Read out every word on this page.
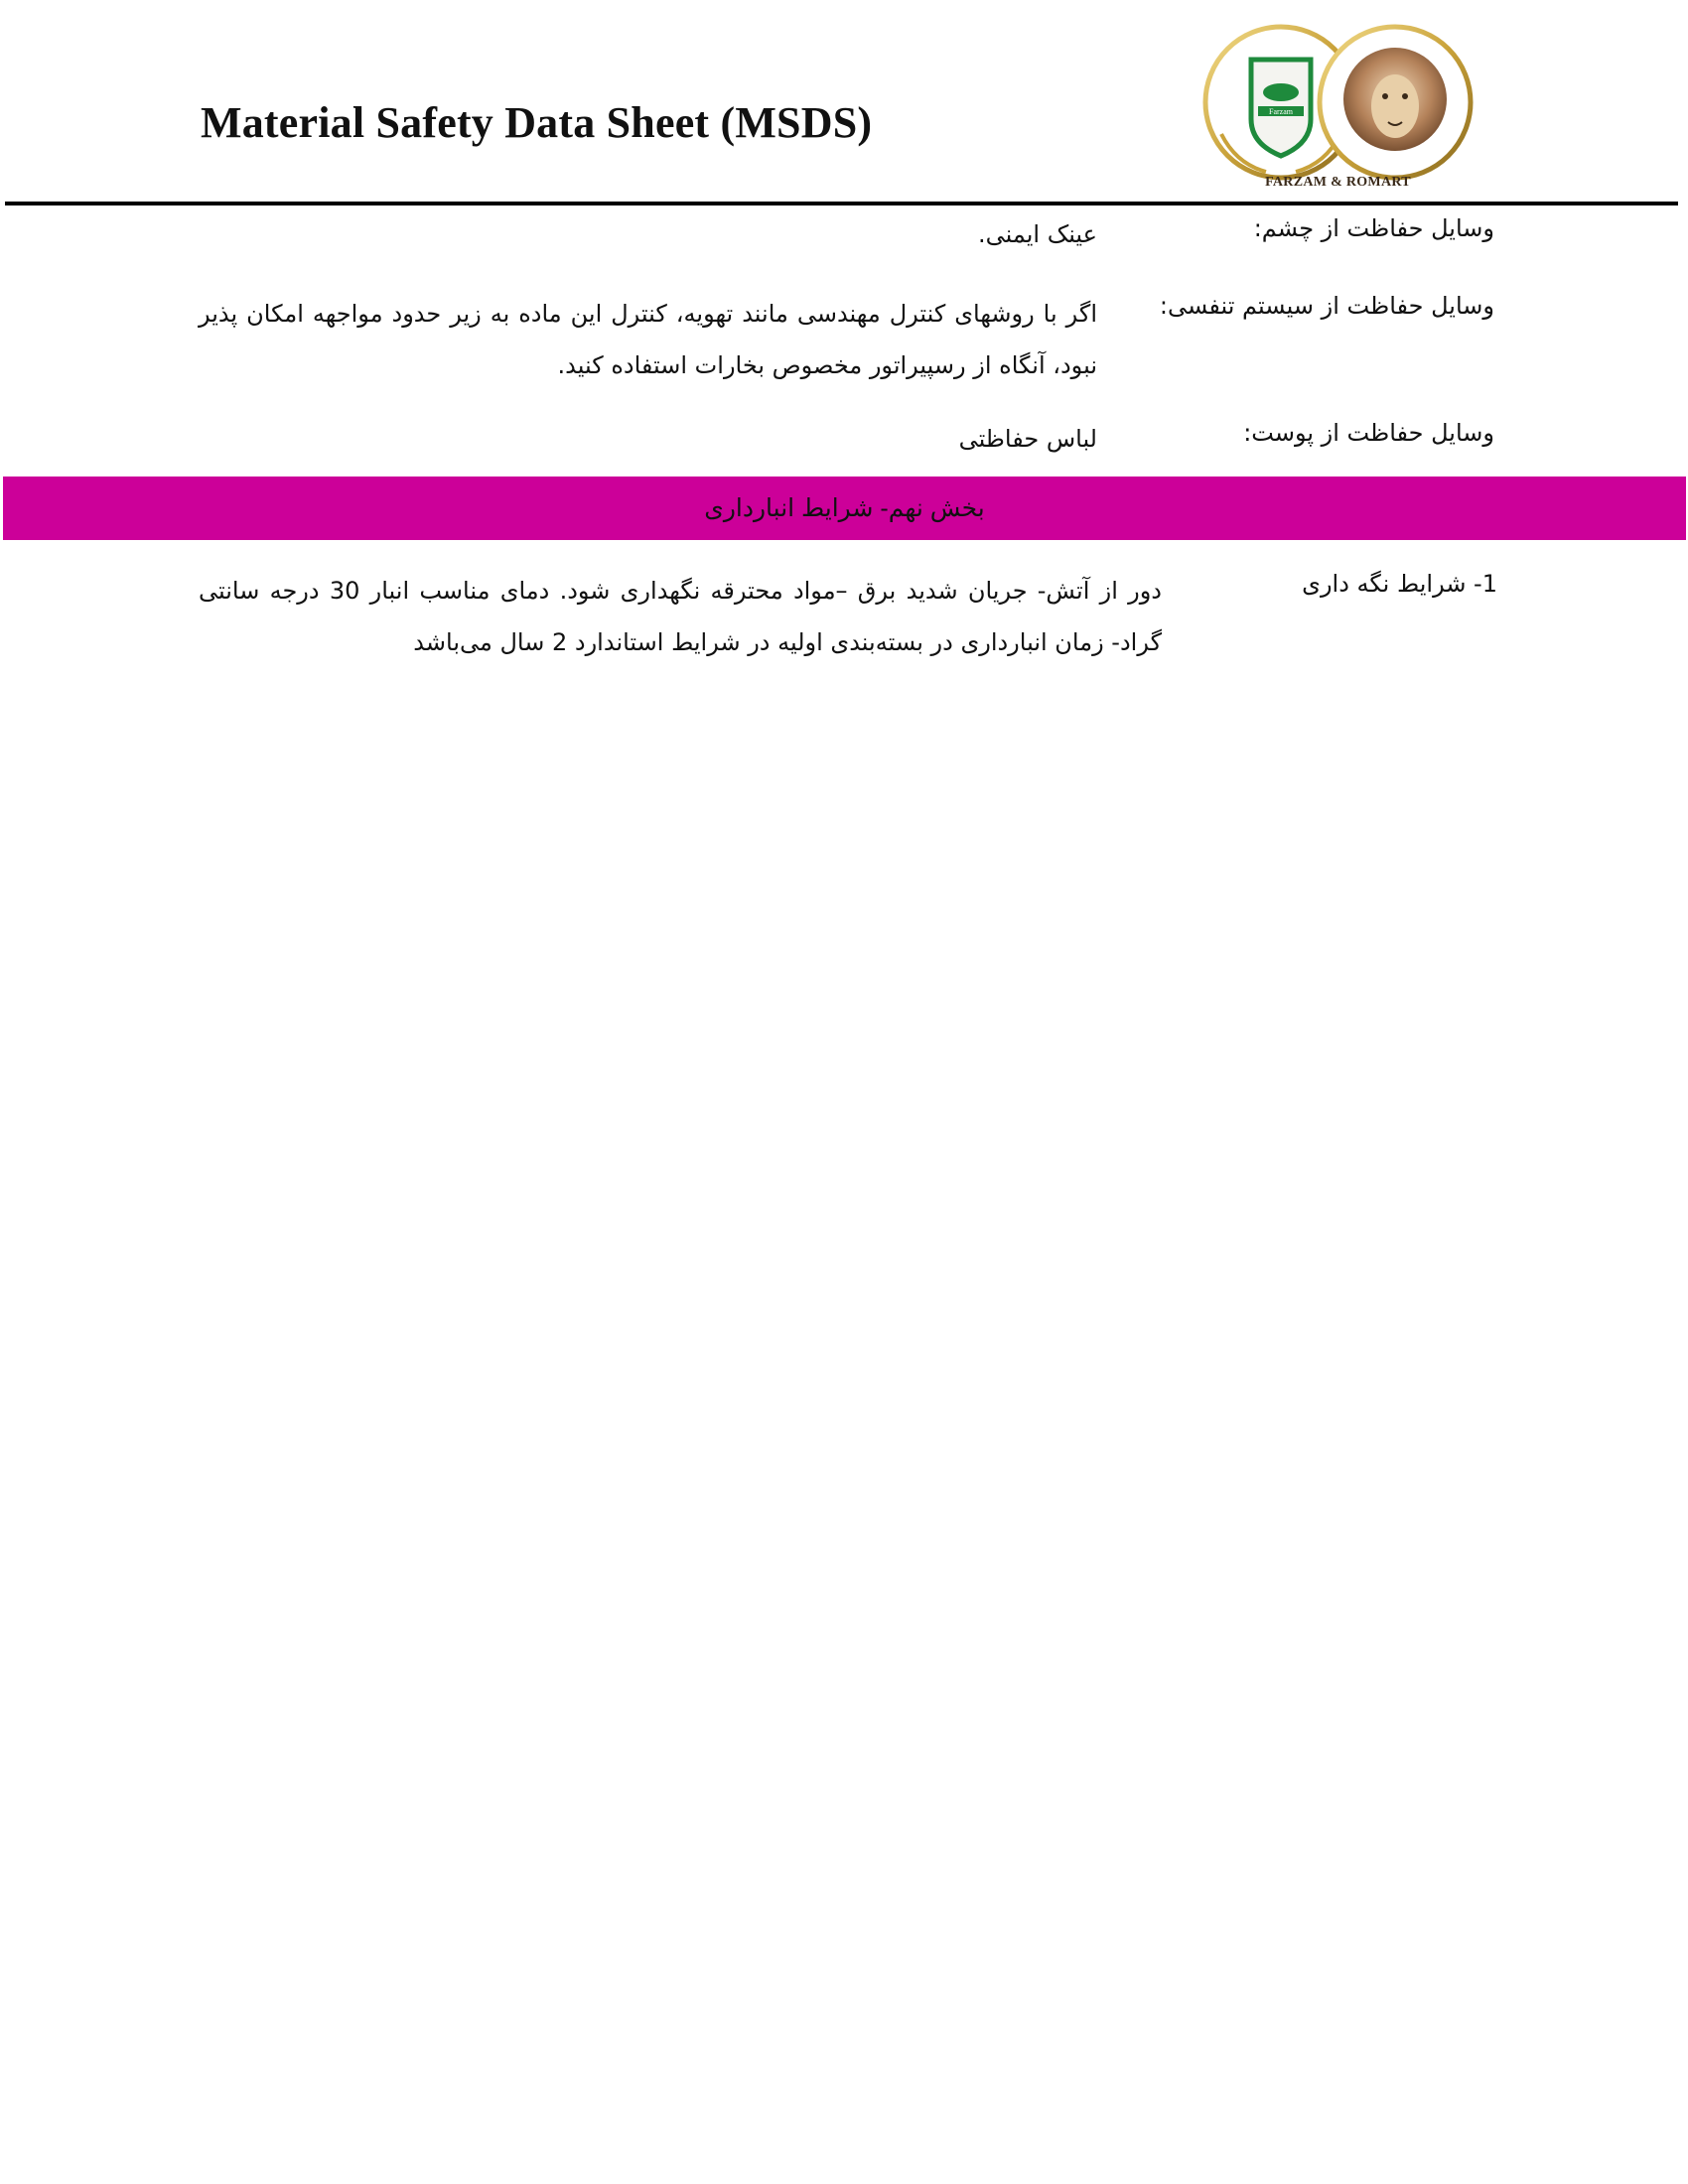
Material Safety Data Sheet (MSDS)	Farzam
FARZAM & ROMART
وسایل حفاظت از چشم:
عینک ایمنی.
وسایل حفاظت از سیستم تنفسی:
اگر با روشهای کنترل مهندسی مانند تهویه، کنترل این ماده به زیر حدود مواجهه امکان پذیر نبود، آنگاه از رسپیراتور مخصوص بخارات استفاده کنید.
وسایل حفاظت از پوست:
لباس حفاظتی
بخش نهم- شرایط انبارداری
1- شرایط نگه داری
دور از آتش- جریان شدید برق –مواد محترقه نگهداری شود. دمای مناسب انبار 30 درجه سانتی گراد- زمان انبارداری در بسته‌بندی اولیه در شرایط استاندارد 2 سال می‌باشد
